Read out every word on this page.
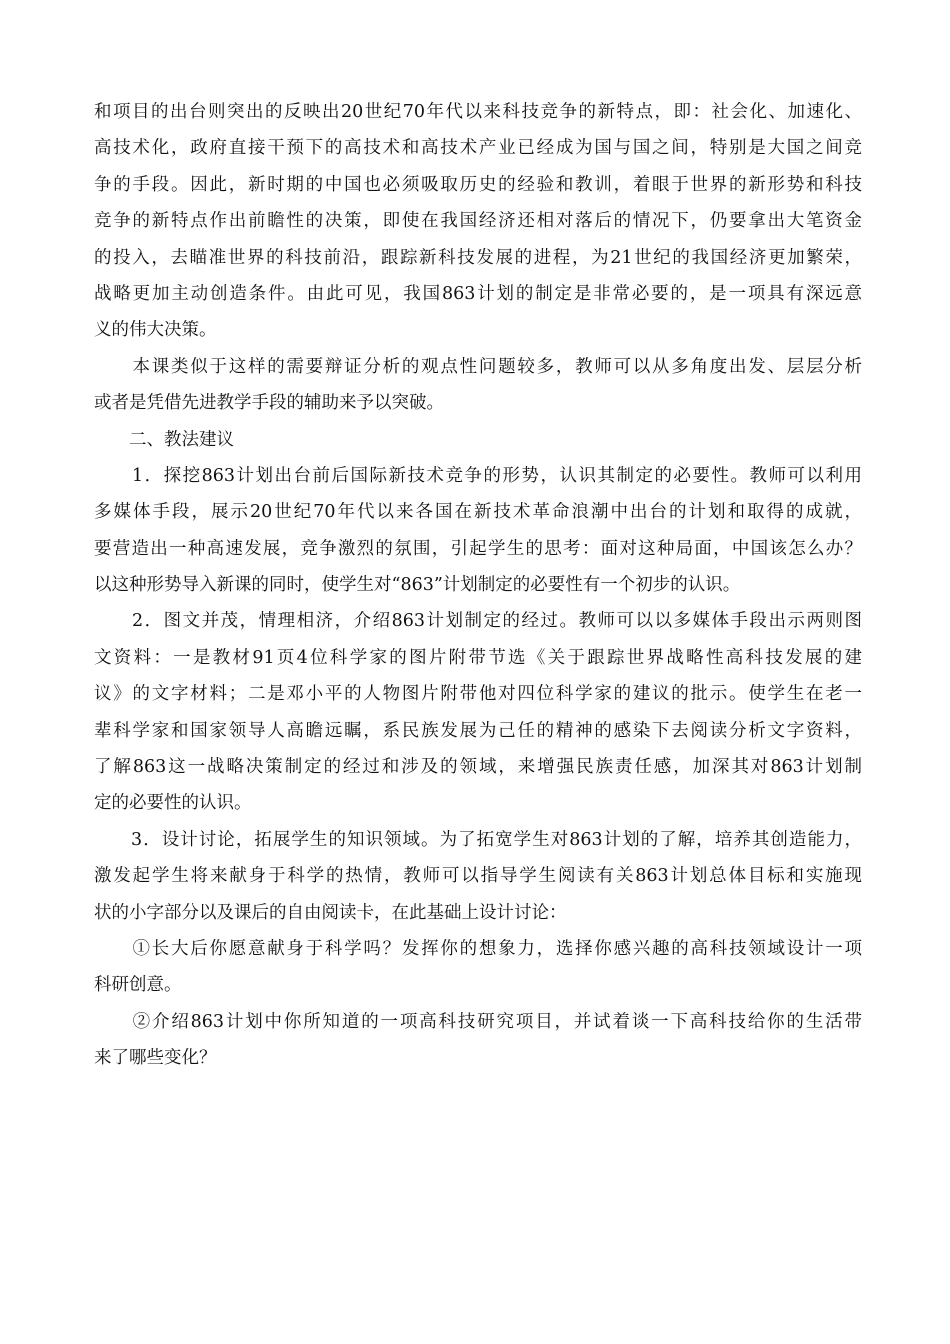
和项目的出台则突出的反映出20世纪70年代以来科技竞争的新特点，即：社会化、加速化、
高技术化，政府直接干预下的高技术和高技术产业已经成为国与国之间，特别是大国之间竞
争的手段。因此，新时期的中国也必须吸取历史的经验和教训，着眼于世界的新形势和科技
竞争的新特点作出前瞻性的决策，即使在我国经济还相对落后的情况下，仍要拿出大笔资金
的投入，去瞄准世界的科技前沿，跟踪新科技发展的进程，为21世纪的我国经济更加繁荣，
战略更加主动创造条件。由此可见，我国863计划的制定是非常必要的，是一项具有深远意
义的伟大决策。
　　本课类似于这样的需要辩证分析的观点性问题较多，教师可以从多角度出发、层层分析
或者是凭借先进教学手段的辅助来予以突破。
　　二、教法建议
　　1．探挖863计划出台前后国际新技术竞争的形势，认识其制定的必要性。教师可以利用
多媒体手段，展示20世纪70年代以来各国在新技术革命浪潮中出台的计划和取得的成就，
要营造出一种高速发展，竞争激烈的氛围，引起学生的思考：面对这种局面，中国该怎么办？
以这种形势导入新课的同时，使学生对“863”计划制定的必要性有一个初步的认识。
　　2．图文并茂，情理相济，介绍863计划制定的经过。教师可以以多媒体手段出示两则图
文资料：一是教材91页4位科学家的图片附带节选《关于跟踪世界战略性高科技发展的建
议》的文字材料；二是邓小平的人物图片附带他对四位科学家的建议的批示。使学生在老一
辈科学家和国家领导人高瞻远瞩，系民族发展为己任的精神的感染下去阅读分析文字资料，
了解863这一战略决策制定的经过和涉及的领域，来增强民族责任感，加深其对863计划制
定的必要性的认识。
　　3．设计讨论，拓展学生的知识领域。为了拓宽学生对863计划的了解，培养其创造能力，
激发起学生将来献身于科学的热情，教师可以指导学生阅读有关863计划总体目标和实施现
状的小字部分以及课后的自由阅读卡，在此基础上设计讨论：
　　①长大后你愿意献身于科学吗？发挥你的想象力，选择你感兴趣的高科技领域设计一项
科研创意。
　　②介绍863计划中你所知道的一项高科技研究项目，并试着谈一下高科技给你的生活带
来了哪些变化？
